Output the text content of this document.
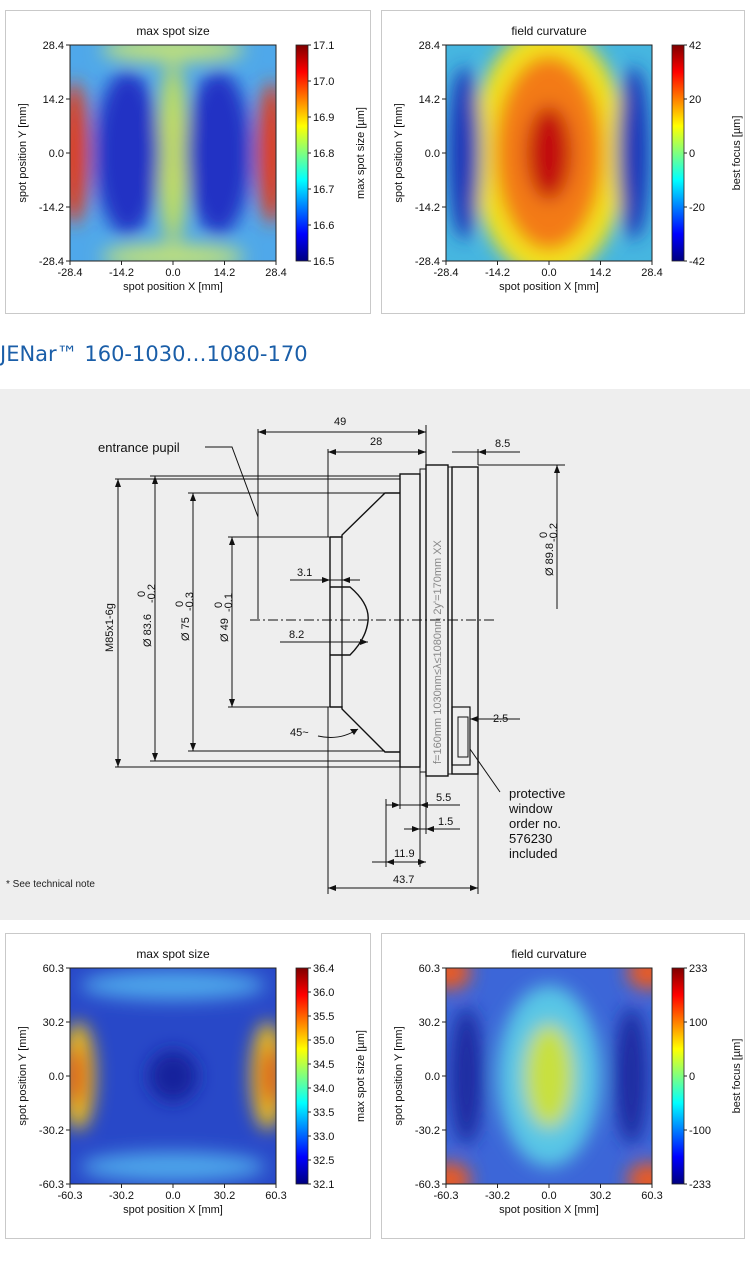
max spot size
-28.4 -14.2	0.0	14.2	28.4
28.4
14.2
0.0
-14.2
-28.4
spot position X [mm]
spot position Y [mm]
17.1
17.0
16.9
16.8
16.7
16.6
16.5
max spot size [µm]
field curvature
-28.4 -14.2	0.0	14.2	28.4
28.4
14.2
0.0
-14.2
-28.4
spot position X [mm]
spot position Y [mm]
42
20
0
-20
-42
best focus [µm]
JENar™ 160-1030…1080-170
entrance pupil
49
28	8.5
3.1
8.2
2.5
45~
5.5
1.5
11.9
43.7
M85x1-6g Ø 83.6
0
-0.2
Ø 75
0
-0.3
Ø 49
0
-0.1
Ø 89.8
0
-0.2
f=160mm 1030nm≤λ≤1080nm 2y'=170mm XX
protective
window
order no.
576230
included
* See technical note
max spot size
-60.3 -30.2	0.0	30.2	60.3
60.3
30.2
0.0
-30.2
-60.3
spot position X [mm]
spot position Y [mm]
36.4
36.0
35.5
35.0
34.5
34.0
33.5
33.0
32.5
32.1
max spot size [µm]
field curvature
-60.3 -30.2	0.0	30.2	60.3
60.3
30.2
0.0
-30.2
-60.3
spot position X [mm]
spot position Y [mm]
233
100
0
-100
-233
best focus [µm]
